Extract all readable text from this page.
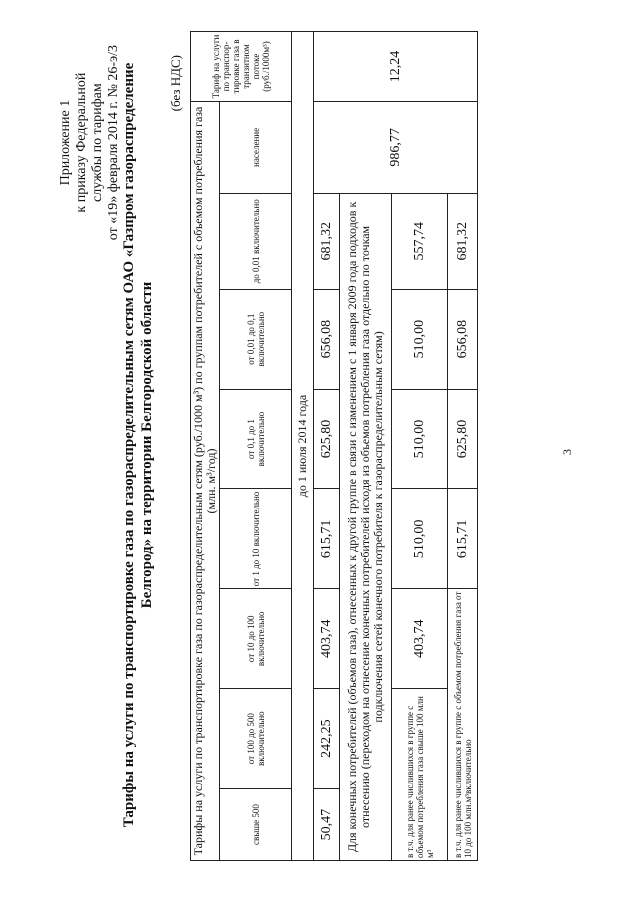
Приложение 1 к приказу Федеральной службы по тарифам от «19» февраля 2014 г. № 26-э/3 Тарифы на услуги по транспортировке газа по газораспределительным сетям ОАО «Газпром газораспределение Белгород» на территории Белгородской области
(без НДС)
Тарифы на услуги по транспортировке газа по газораспределительным сетям (руб./1000 м³) по группам потребителей с объемом потребления газа (млн. м³/год)								Тариф на услуги по транспор-тировке газа в транзитном потоке (руб./1000м³)
свыше 500	от 100 до 500 включительно	от 10 до 100 включительно	от 1 до 10 включительно	от 0,1 до 1 включительно	от 0,01 до 0,1 включительно	до 0,01 включительно	население	
до 1 июля 2014 года								
50,47	242,25	403,74	615,71	625,80	656,08	681,32	986,77	12,24
Для конечных потребителей (объемов газа), отнесенных к другой группе в связи с изменением с 1 января 2009 года подходов к отнесению (переходом на отнесение конечных потребителей исходя из объемов потребления газа отдельно по точкам подключения сетей конечного потребителя к газораспределительным сетям)								
в т.ч. для ранее числившихся в группе с объемом потребления газа свыше 100 млн м³		403,74	510,00	510,00	510,00	557,74		
в т.ч. для ранее числившихся в группе с объемом потребления газа от 10 до 100 млн.м³включительно			615,71	625,80	656,08	681,32		
3
